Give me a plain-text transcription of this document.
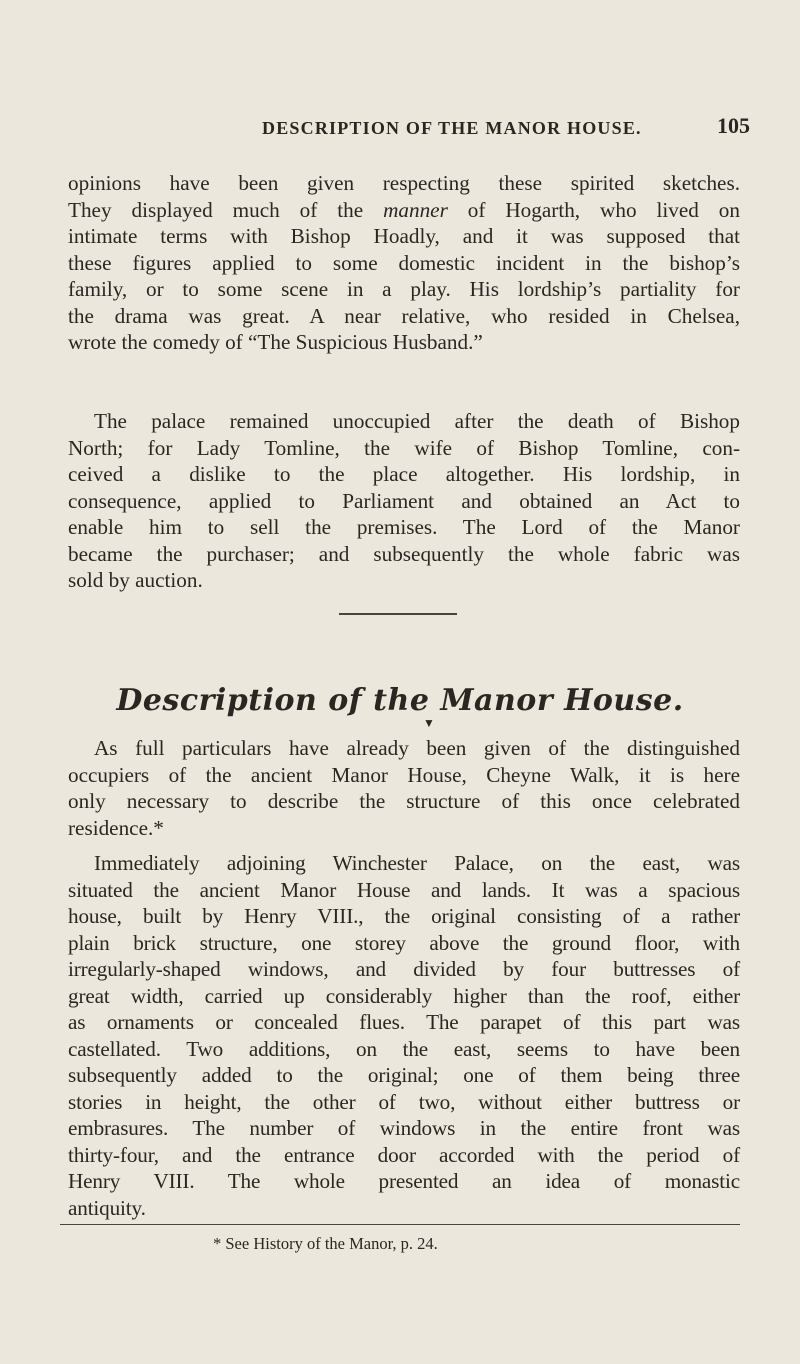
DESCRIPTION OF THE MANOR HOUSE.	105

opinions have been given respecting these spirited sketches.
They displayed much of the manner of Hogarth, who lived on
intimate terms with Bishop Hoadly, and it was supposed that
these figures applied to some domestic incident in the bishop’s
family, or to some scene in a play. His lordship’s partiality for
the drama was great. A near relative, who resided in Chelsea,
wrote the comedy of “The Suspicious Husband.”

The palace remained unoccupied after the death of Bishop
North; for Lady Tomline, the wife of Bishop Tomline, con-
ceived a dislike to the place altogether. His lordship, in
consequence, applied to Parliament and obtained an Act to
enable him to sell the premises. The Lord of the Manor
became the purchaser; and subsequently the whole fabric was
sold by auction.

Description of the Manor House.
▼

As full particulars have already been given of the distinguished
occupiers of the ancient Manor House, Cheyne Walk, it is here
only necessary to describe the structure of this once celebrated
residence.*

Immediately adjoining Winchester Palace, on the east, was
situated the ancient Manor House and lands. It was a spacious
house, built by Henry VIII., the original consisting of a rather
plain brick structure, one storey above the ground floor, with
irregularly-shaped windows, and divided by four buttresses of
great width, carried up considerably higher than the roof, either
as ornaments or concealed flues. The parapet of this part was
castellated. Two additions, on the east, seems to have been
subsequently added to the original; one of them being three
stories in height, the other of two, without either buttress or
embrasures. The number of windows in the entire front was
thirty-four, and the entrance door accorded with the period of
Henry VIII. The whole presented an idea of monastic
antiquity.

* See History of the Manor, p. 24.
